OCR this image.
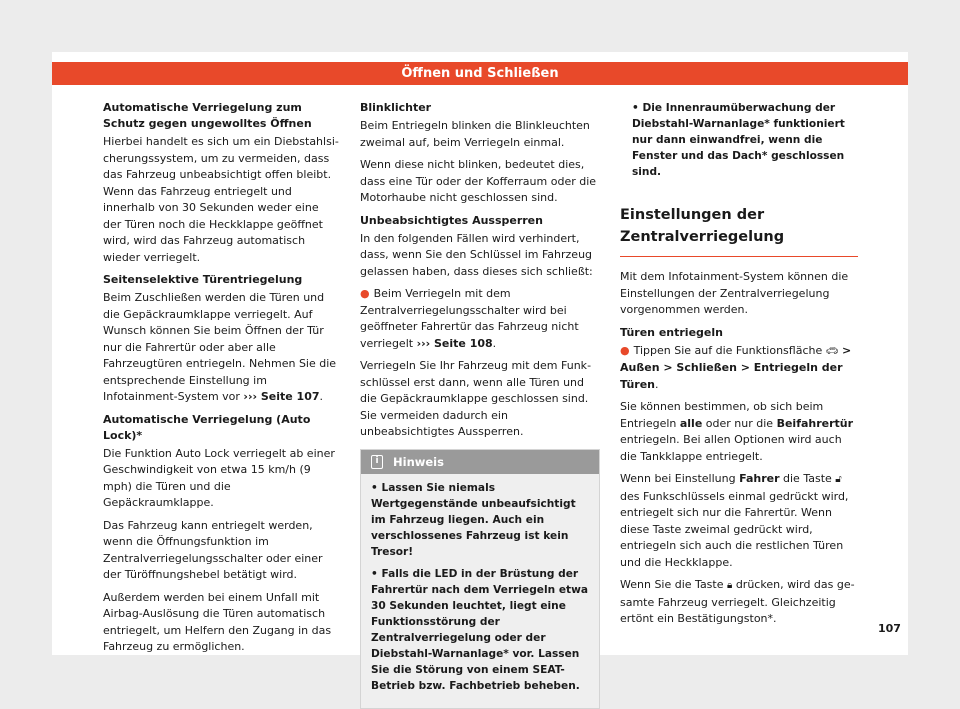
Öffnen und Schließen
Automatische Verriegelung zum Schutz gegen ungewolltes Öffnen

Hierbei handelt es sich um ein Diebstahlsicherungssystem, um zu vermeiden, dass das Fahrzeug unbeabsichtigt offen bleibt. Wenn das Fahrzeug entriegelt und innerhalb von 30 Sekunden weder eine der Türen noch die Heckklappe geöffnet wird, wird das Fahrzeug automatisch wieder verriegelt.

Seitenselektive Türentriegelung

Beim Zuschließen werden die Türen und die Gepäckraumklappe verriegelt. Auf Wunsch können Sie beim Öffnen der Tür nur die Fahrertür oder aber alle Fahrzeugtüren entriegeln. Nehmen Sie die entsprechende Einstellung im Infotainment-System vor ››› Seite 107.

Automatische Verriegelung (Auto Lock)*

Die Funktion Auto Lock verriegelt ab einer Geschwindigkeit von etwa 15 km/h (9 mph) die Türen und die Gepäckraumklappe.

Das Fahrzeug kann entriegelt werden, wenn die Öffnungsfunktion im Zentralverriegelungsschalter oder einer der Türöffnungshebel betätigt wird.

Außerdem werden bei einem Unfall mit Airbag-Auslösung die Türen automatisch entriegelt, um Helfern den Zugang in das Fahrzeug zu ermöglichen.

Blinklichter

Beim Entriegeln blinken die Blinkleuchten zweimal auf, beim Verriegeln einmal.

Wenn diese nicht blinken, bedeutet dies, dass eine Tür oder der Kofferraum oder die Motorhaube nicht geschlossen sind.

Unbeabsichtigtes Aussperren

In den folgenden Fällen wird verhindert, dass, wenn Sie den Schlüssel im Fahrzeug gelassen haben, dass dieses sich schließt:

● Beim Verriegeln mit dem Zentralverriegelungsschalter wird bei geöffneter Fahrertür das Fahrzeug nicht verriegelt ››› Seite 108.

Verriegeln Sie Ihr Fahrzeug mit dem Funkschlüssel erst dann, wenn alle Türen und die Gepäckraumklappe geschlossen sind. Sie vermeiden dadurch ein unbeabsichtigtes Aussperren.

i	Hinweis

• Lassen Sie niemals Wertgegenstände unbeaufsichtigt im Fahrzeug liegen. Auch ein verschlossenes Fahrzeug ist kein Tresor!

• Falls die LED in der Brüstung der Fahrertür nach dem Verriegeln etwa 30 Sekunden leuchtet, liegt eine Funktionsstörung der Zentralverriegelung oder der Diebstahl-Warnanlage* vor. Lassen Sie die Störung von einem SEAT-Betrieb bzw. Fachbetrieb beheben.

• Die Innenraumüberwachung der Diebstahl-Warnanlage* funktioniert nur dann einwandfrei, wenn die Fenster und das Dach* geschlossen sind.

Einstellungen der Zentralverriegelung

Mit dem Infotainment-System können die Einstellungen der Zentralverriegelung vorgenommen werden.

Türen entriegeln

● Tippen Sie auf die Funktionsfläche 🚗︎ > Außen > Schließen > Entriegeln der Türen.

Sie können bestimmen, ob sich beim Entriegeln alle oder nur die Beifahrertür entriegeln. Bei allen Optionen wird auch die Tankklappe entriegelt.

Wenn bei Einstellung Fahrer die Taste 🔓︎ des Funkschlüssels einmal gedrückt wird, entriegelt sich nur die Fahrertür. Wenn diese Taste zweimal gedrückt wird, entriegeln sich auch die restlichen Türen und die Heckklappe.

Wenn Sie die Taste 🔒︎ drücken, wird das gesamte Fahrzeug verriegelt. Gleichzeitig ertönt ein Bestätigungston*.

107
